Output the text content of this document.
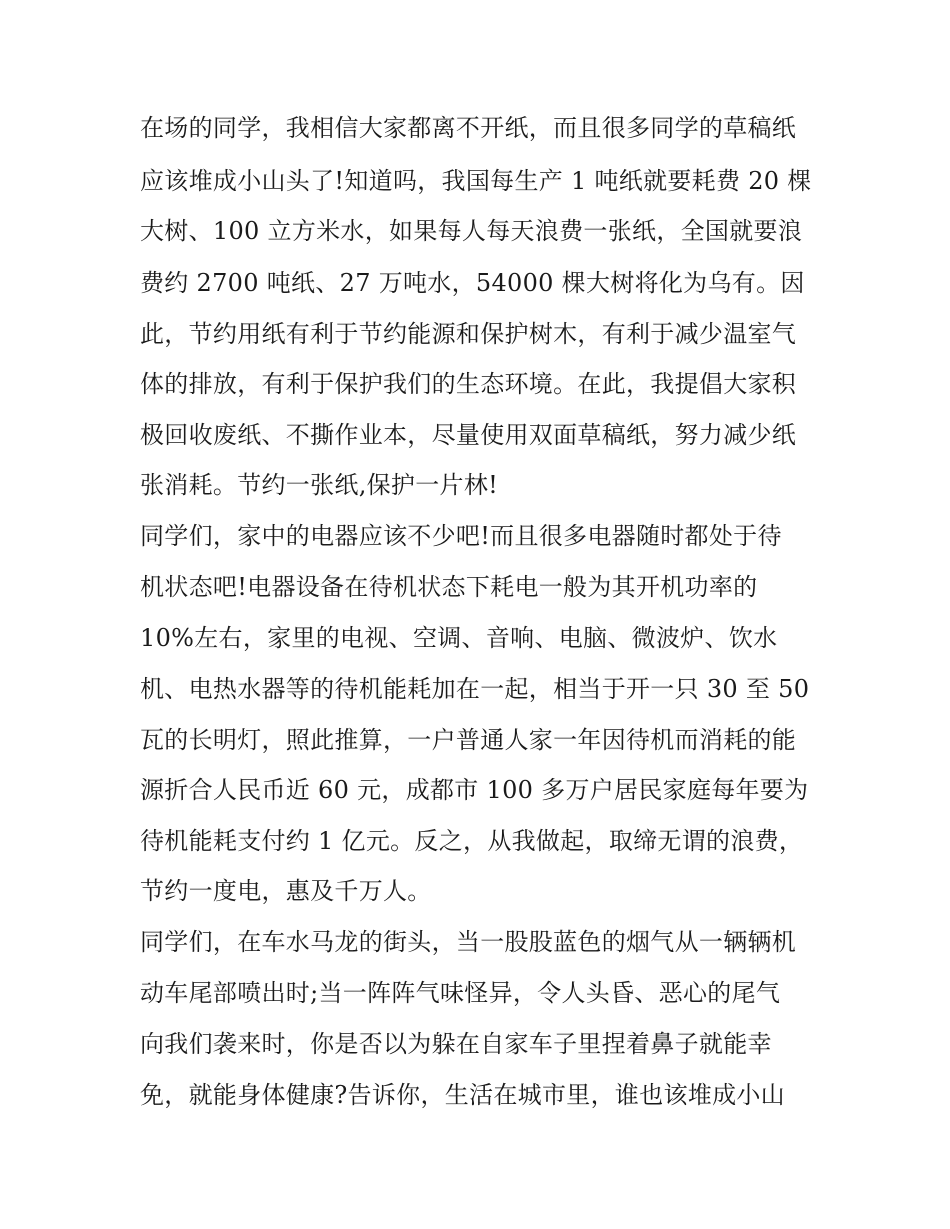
在场的同学，我相信大家都离不开纸，而且很多同学的草稿纸
应该堆成小山头了!知道吗，我国每生产 1 吨纸就要耗费 20 棵
大树、100 立方米水，如果每人每天浪费一张纸，全国就要浪
费约 2700 吨纸、27 万吨水，54000 棵大树将化为乌有。因
此，节约用纸有利于节约能源和保护树木，有利于减少温室气
体的排放，有利于保护我们的生态环境。在此，我提倡大家积
极回收废纸、不撕作业本，尽量使用双面草稿纸，努力减少纸
张消耗。节约一张纸,保护一片林!
同学们，家中的电器应该不少吧!而且很多电器随时都处于待
机状态吧!电器设备在待机状态下耗电一般为其开机功率的
10%左右，家里的电视、空调、音响、电脑、微波炉、饮水
机、电热水器等的待机能耗加在一起，相当于开一只 30 至 50
瓦的长明灯，照此推算，一户普通人家一年因待机而消耗的能
源折合人民币近 60 元，成都市 100 多万户居民家庭每年要为
待机能耗支付约 1 亿元。反之，从我做起，取缔无谓的浪费，
节约一度电，惠及千万人。
同学们，在车水马龙的街头，当一股股蓝色的烟气从一辆辆机
动车尾部喷出时;当一阵阵气味怪异，令人头昏、恶心的尾气
向我们袭来时，你是否以为躲在自家车子里捏着鼻子就能幸
免，就能身体健康?告诉你，生活在城市里，谁也该堆成小山
